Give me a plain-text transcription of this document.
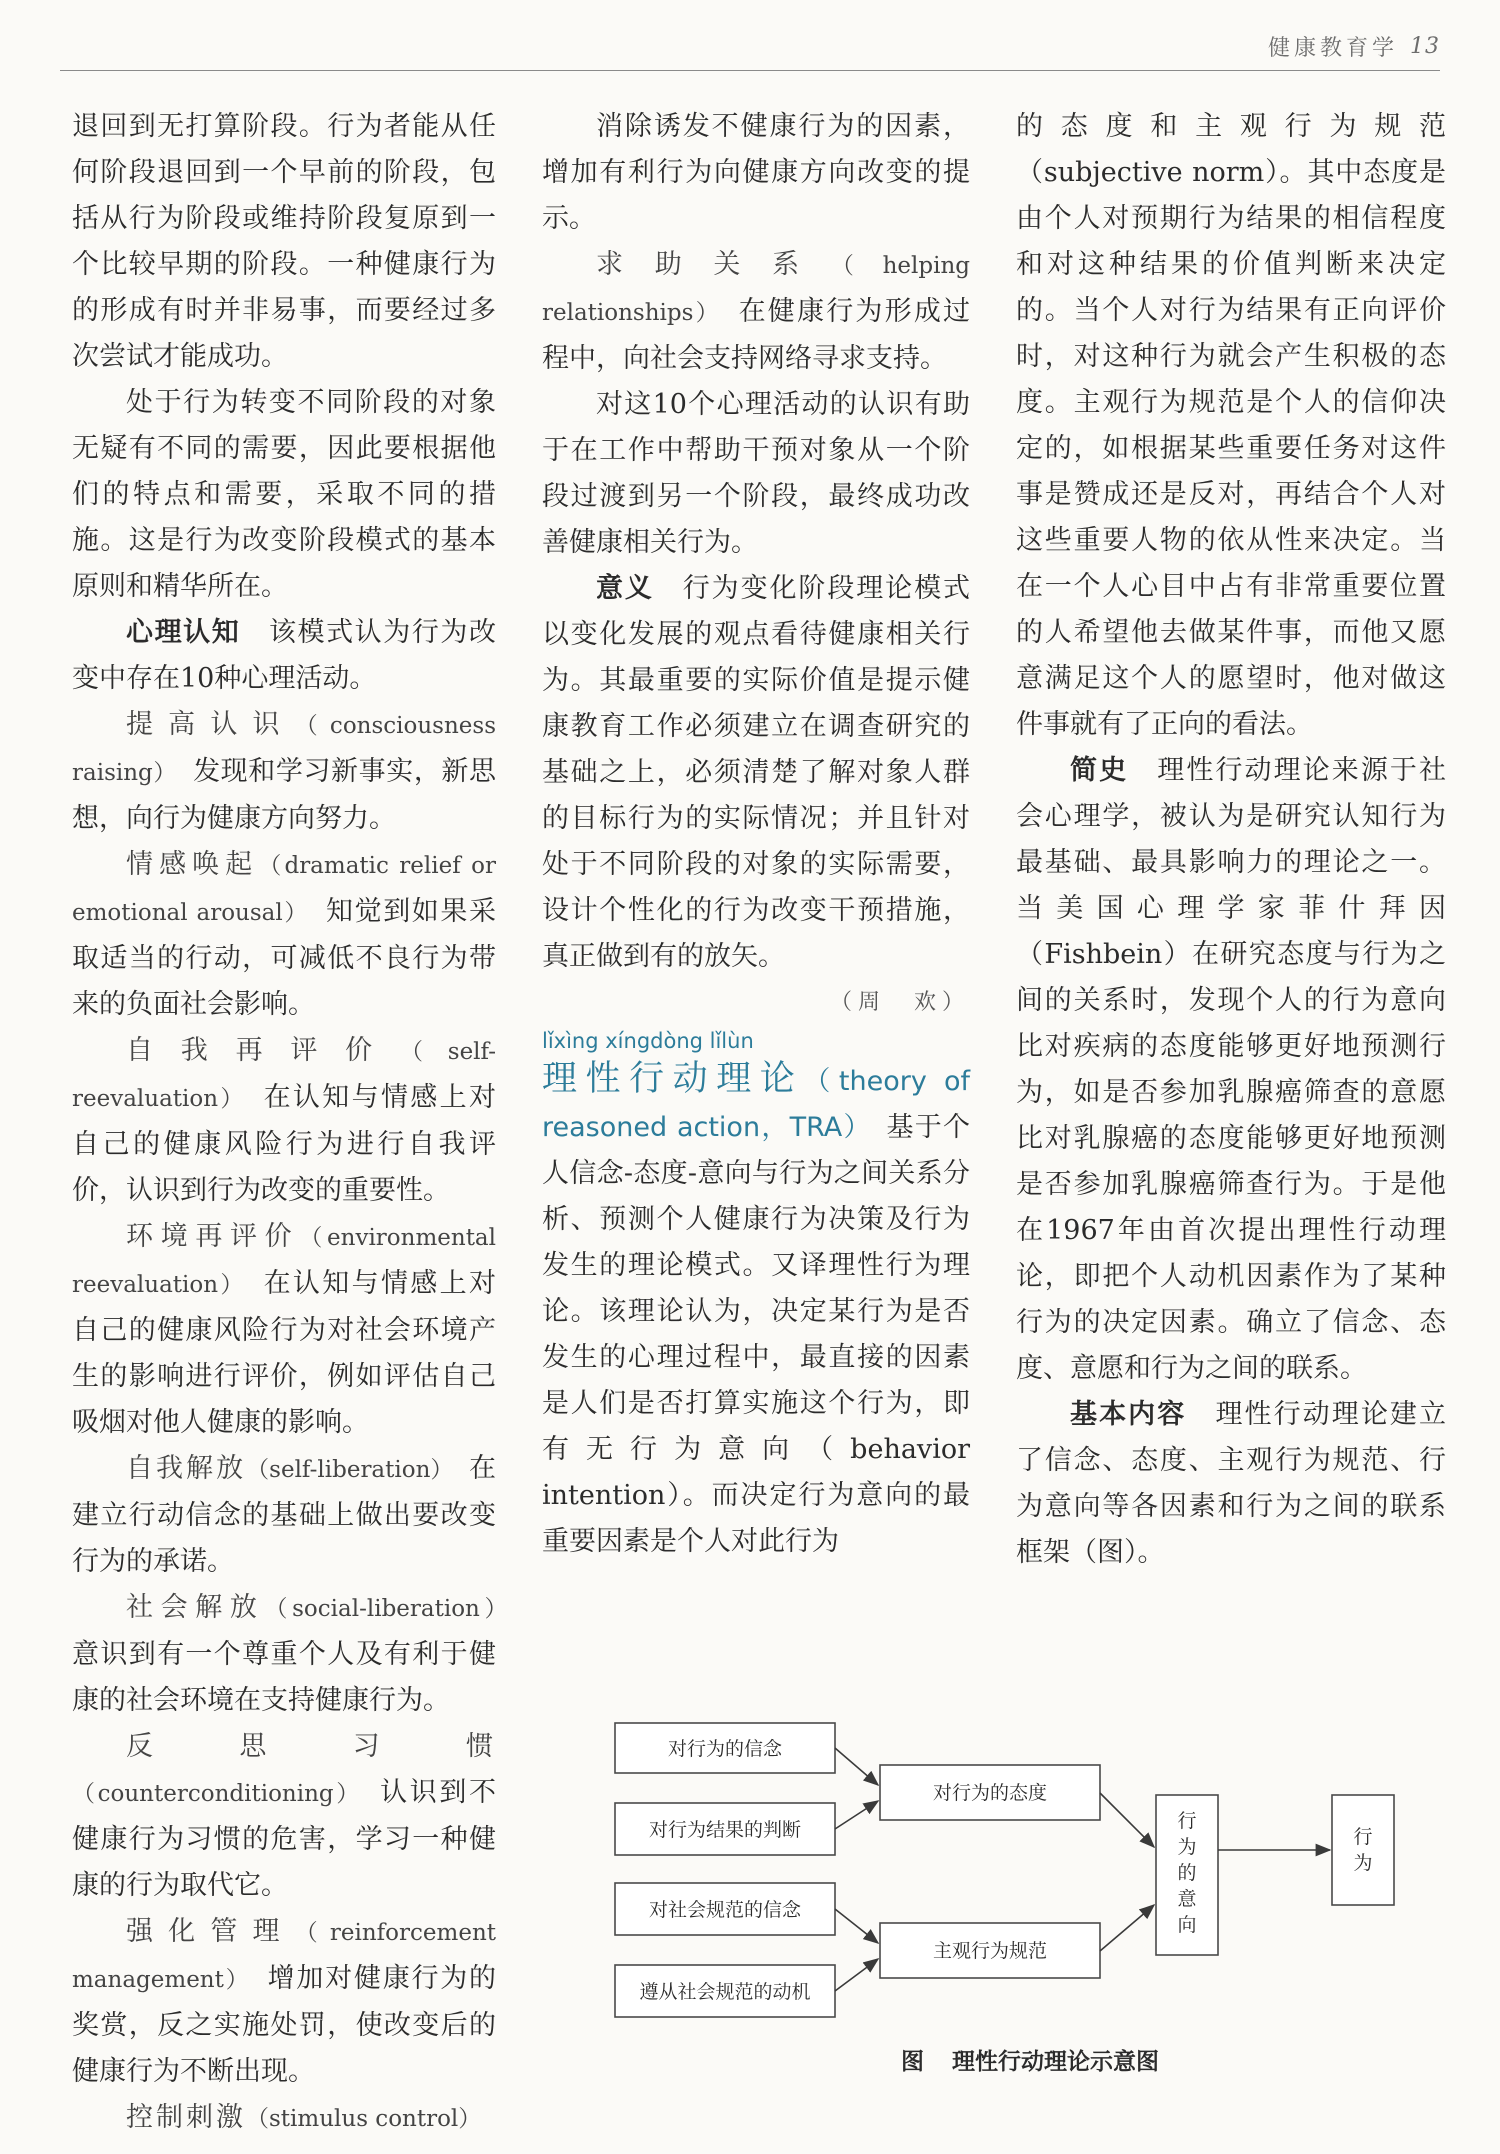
健康教育学 13

退回到无打算阶段。行为者能从任何阶段退回到一个早前的阶段，包括从行为阶段或维持阶段复原到一个比较早期的阶段。一种健康行为的形成有时并非易事，而要经过多次尝试才能成功。

处于行为转变不同阶段的对象无疑有不同的需要，因此要根据他们的特点和需要，采取不同的措施。这是行为改变阶段模式的基本原则和精华所在。

心理认知　 该模式认为行为改变中存在10种心理活动。

提高认识（consciousness raising）　 发现和学习新事实，新思想，向行为健康方向努力。

情感唤起（dramatic relief or emotional arousal）　 知觉到如果采取适当的行动，可减低不良行为带来的负面社会影响。

自我再评价（self-reevaluation）　 在认知与情感上对自己的健康风险行为进行自我评价，认识到行为改变的重要性。

环境再评价（environmental reevaluation）　 在认知与情感上对自己的健康风险行为对社会环境产生的影响进行评价，例如评估自己吸烟对他人健康的影响。

自我解放（self-liberation）　 在建立行动信念的基础上做出要改变行为的承诺。

社会解放（social-liberation）　意识到有一个尊重个人及有利于健康的社会环境在支持健康行为。

反思习惯（counterconditioning）　 认识到不健康行为习惯的危害，学习一种健康的行为取代它。

强化管理（reinforcement management）　 增加对健康行为的奖赏，反之实施处罚，使改变后的健康行为不断出现。

控制刺激（stimulus control）

消除诱发不健康行为的因素，增加有利行为向健康方向改变的提示。

求助关系（helping relationships）　 在健康行为形成过程中，向社会支持网络寻求支持。

对这10个心理活动的认识有助于在工作中帮助干预对象从一个阶段过渡到另一个阶段，最终成功改善健康相关行为。

意义　 行为变化阶段理论模式以变化发展的观点看待健康相关行为。其最重要的实际价值是提示健康教育工作必须建立在调查研究的基础之上，必须清楚了解对象人群的目标行为的实际情况；并且针对处于不同阶段的对象的实际需要，设计个性化的行为改变干预措施，真正做到有的放矢。

（周　欢）

lǐxìng xíngdòng lǐlùn

理性行动理论（theory of reasoned action，TRA）　 基于个人信念-态度-意向与行为之间关系分析、预测个人健康行为决策及行为发生的理论模式。又译理性行为理论。该理论认为，决定某行为是否发生的心理过程中，最直接的因素是人们是否打算实施这个行为，即有无行为意向（behavior intention）。而决定行为意向的最重要因素是个人对此行为

的态度和主观行为规范（subjective norm）。其中态度是由个人对预期行为结果的相信程度和对这种结果的价值判断来决定的。当个人对行为结果有正向评价时，对这种行为就会产生积极的态度。主观行为规范是个人的信仰决定的，如根据某些重要任务对这件事是赞成还是反对，再结合个人对这些重要人物的依从性来决定。当在一个人心目中占有非常重要位置的人希望他去做某件事，而他又愿意满足这个人的愿望时，他对做这件事就有了正向的看法。

简史　 理性行动理论来源于社会心理学，被认为是研究认知行为最基础、最具影响力的理论之一。当美国心理学家菲什拜因（Fishbein）在研究态度与行为之间的关系时，发现个人的行为意向比对疾病的态度能够更好地预测行为，如是否参加乳腺癌筛查的意愿比对乳腺癌的态度能够更好地预测是否参加乳腺癌筛查行为。于是他在1967年由首次提出理性行动理论，即把个人动机因素作为了某种行为的决定因素。确立了信念、态度、意愿和行为之间的联系。

基本内容　 理性行动理论建立了信念、态度、主观行为规范、行为意向等各因素和行为之间的联系框架（图）。

对行为的信念
对行为结果的判断
对社会规范的信念
遵从社会规范的动机
对行为的态度
主观行为规范
行
为
的
意
向
行
为
图 理性行动理论示意图
